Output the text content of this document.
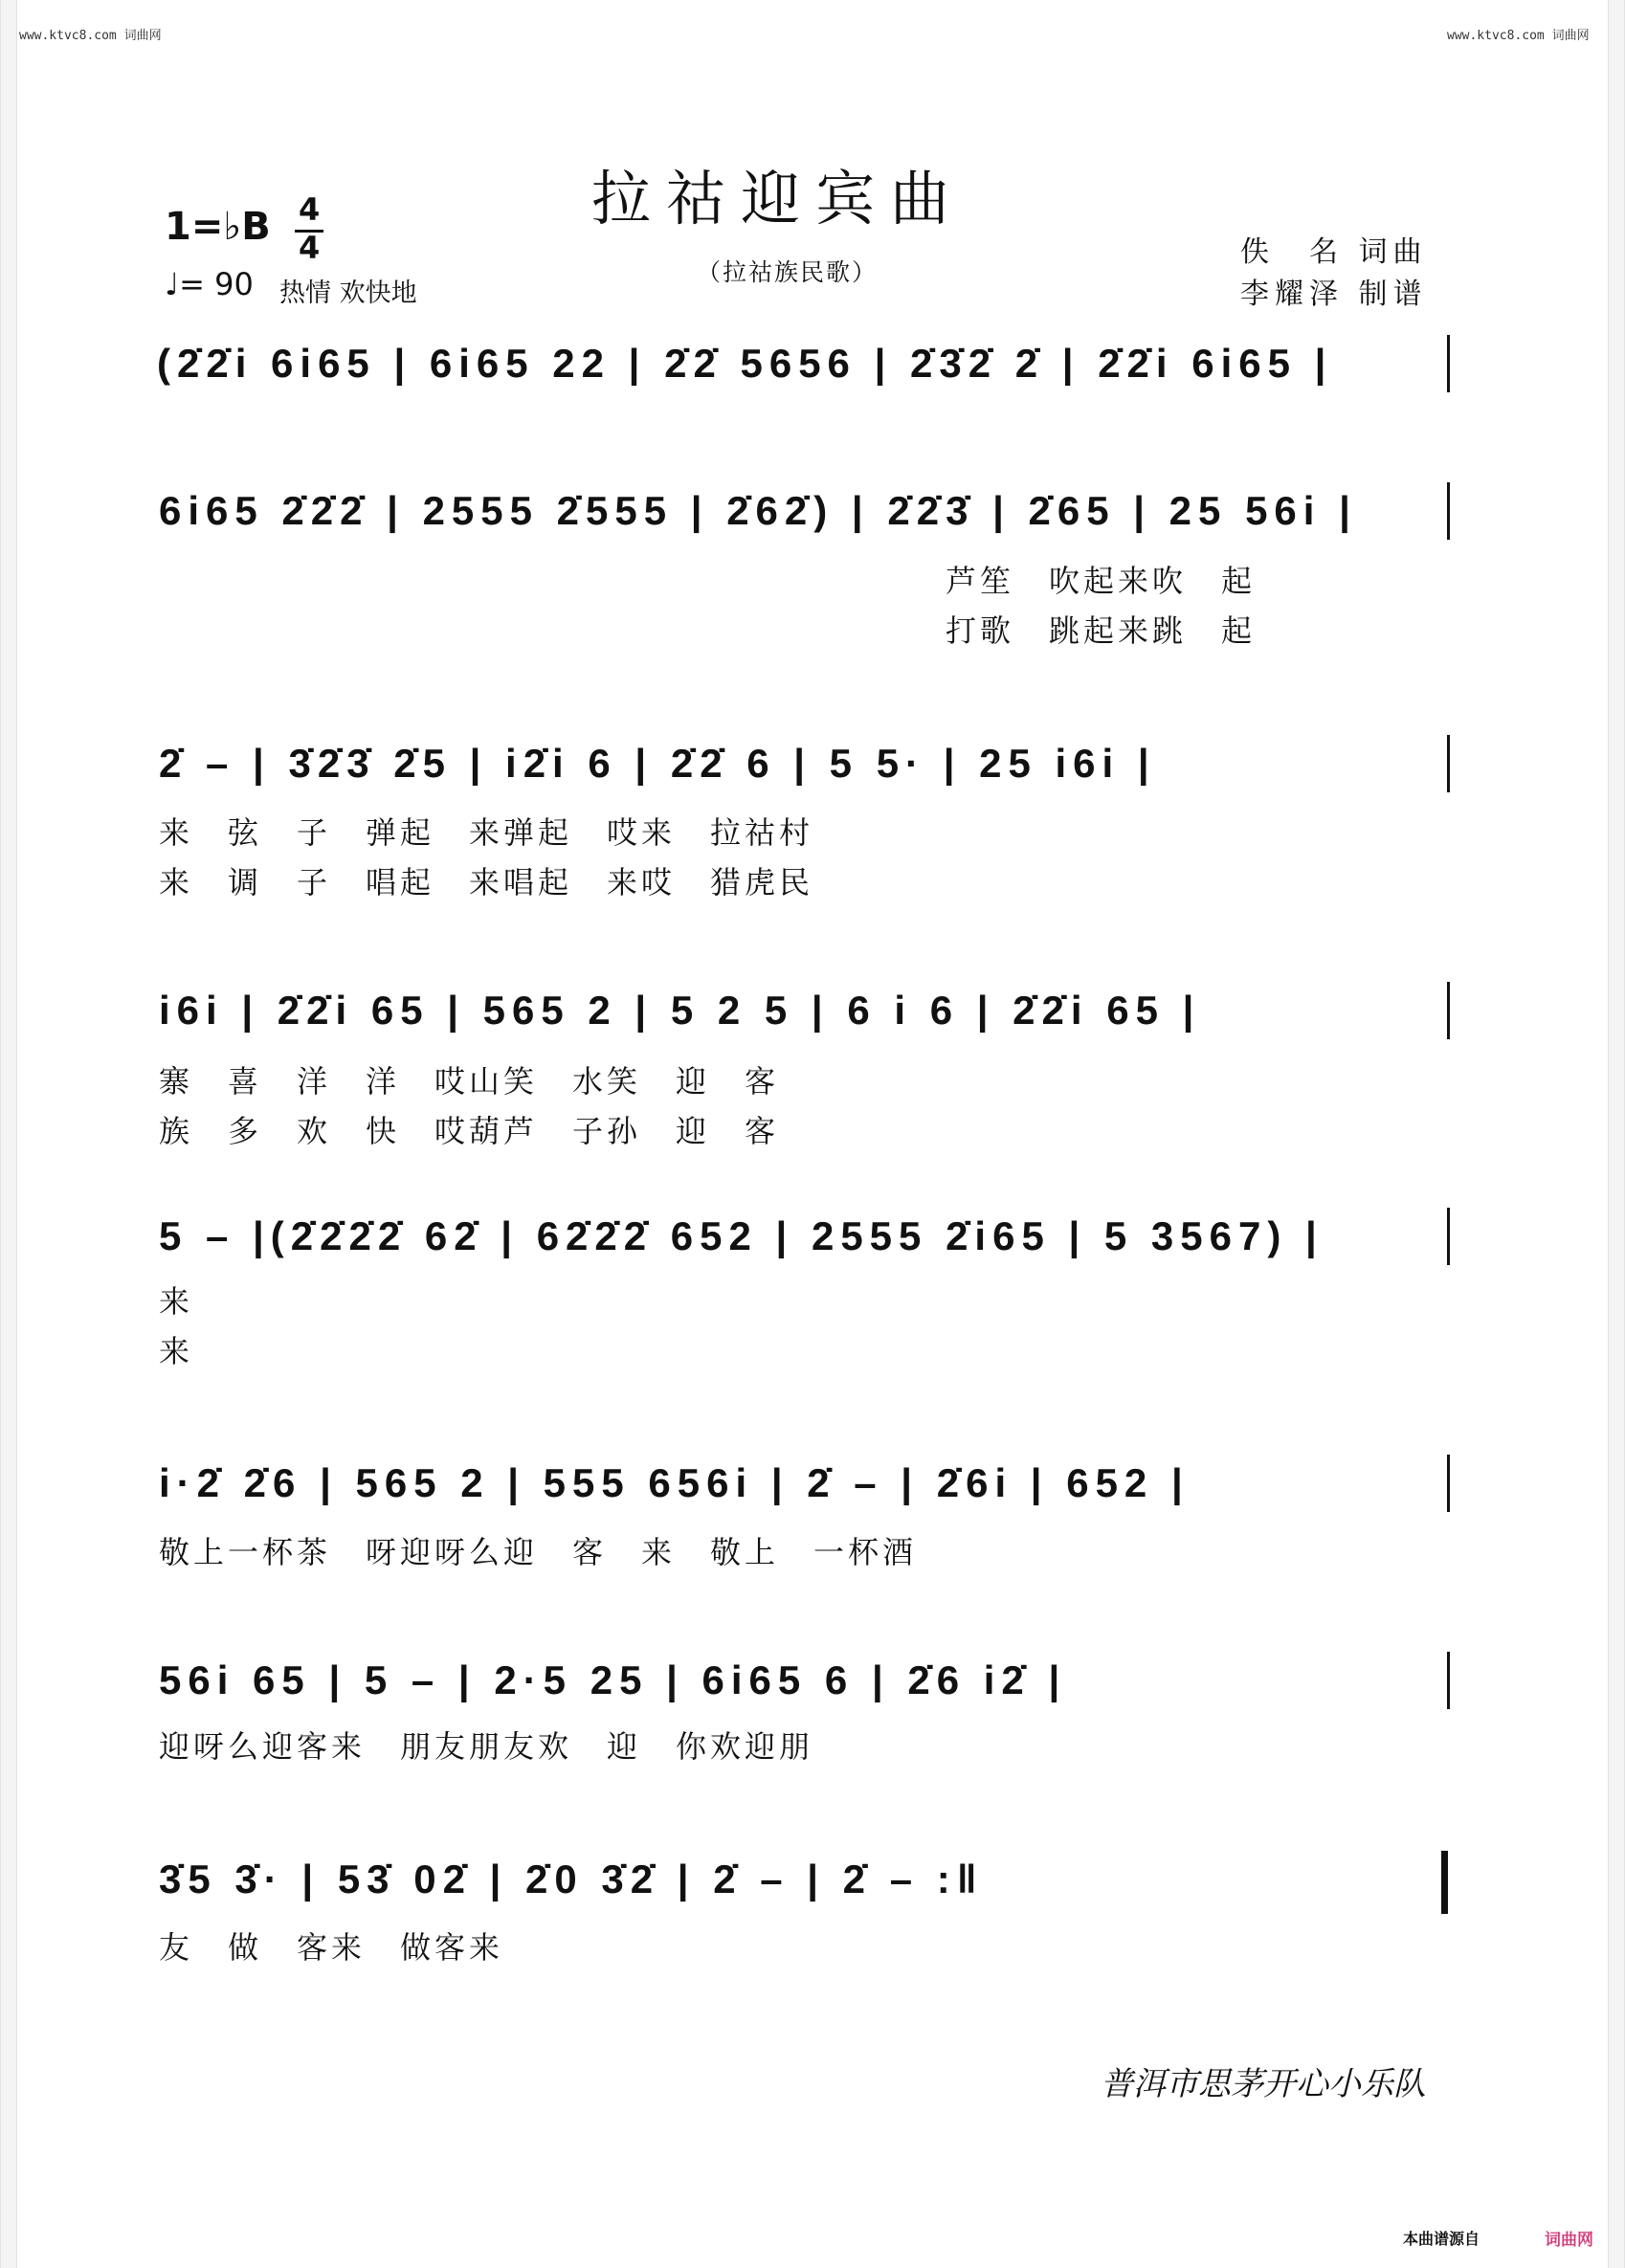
www.ktvc8.com 词曲网	www.ktvc8.com 词曲网
拉祜迎宾曲
（拉祜族民歌）
佚　名 词曲
李耀泽 制谱
1=♭B 4
4
♩= 90 热情 欢快地
(2̇2̇i 6i65 | 6i65 22 | 2̇2̇ 5656 | 2̇3̇2̇ 2̇ | 2̇2̇i 6i65 |
6i65 2̇2̇2̇ | 2555 2̇555 | 2̇62̇) | 2̇2̇3̇ | 2̇65 | 25 56i |
芦笙　吹起来吹　起
打歌　跳起来跳　起
2̇ – | 3̇2̇3̇ 2̇5 | i2̇i 6 | 2̇2̇ 6 | 5 5· | 25 i6i |
来　弦　子　弹起　来弹起　哎来　拉祜村
来　调　子　唱起　来唱起　来哎　猎虎民
i6i | 2̇2̇i 65 | 565 2 | 5 2 5 | 6 i 6 | 2̇2̇i 65 |
寨　喜　洋　洋　哎山笑　水笑　迎　客
族　多　欢　快　哎葫芦　子孙　迎　客
5 – |(2̇2̇2̇2̇ 62̇ | 62̇2̇2̇ 652 | 2555 2̇i65 | 5 3567) |
来
来
i·2̇ 2̇6 | 565 2 | 555 656i | 2̇ – | 2̇6i | 652 |
敬上一杯茶　呀迎呀么迎　客　来　敬上　一杯酒
56i 65 | 5 – | 2·5 25 | 6i65 6 | 2̇6 i2̇ |
迎呀么迎客来　朋友朋友欢　迎　你欢迎朋
3̇5 3̇· | 53̇ 02̇ | 2̇0 3̇2̇ | 2̇ – | 2̇ – :‖
友　做　客来　做客来
普洱市思茅开心小乐队
本曲谱源自	词曲网
